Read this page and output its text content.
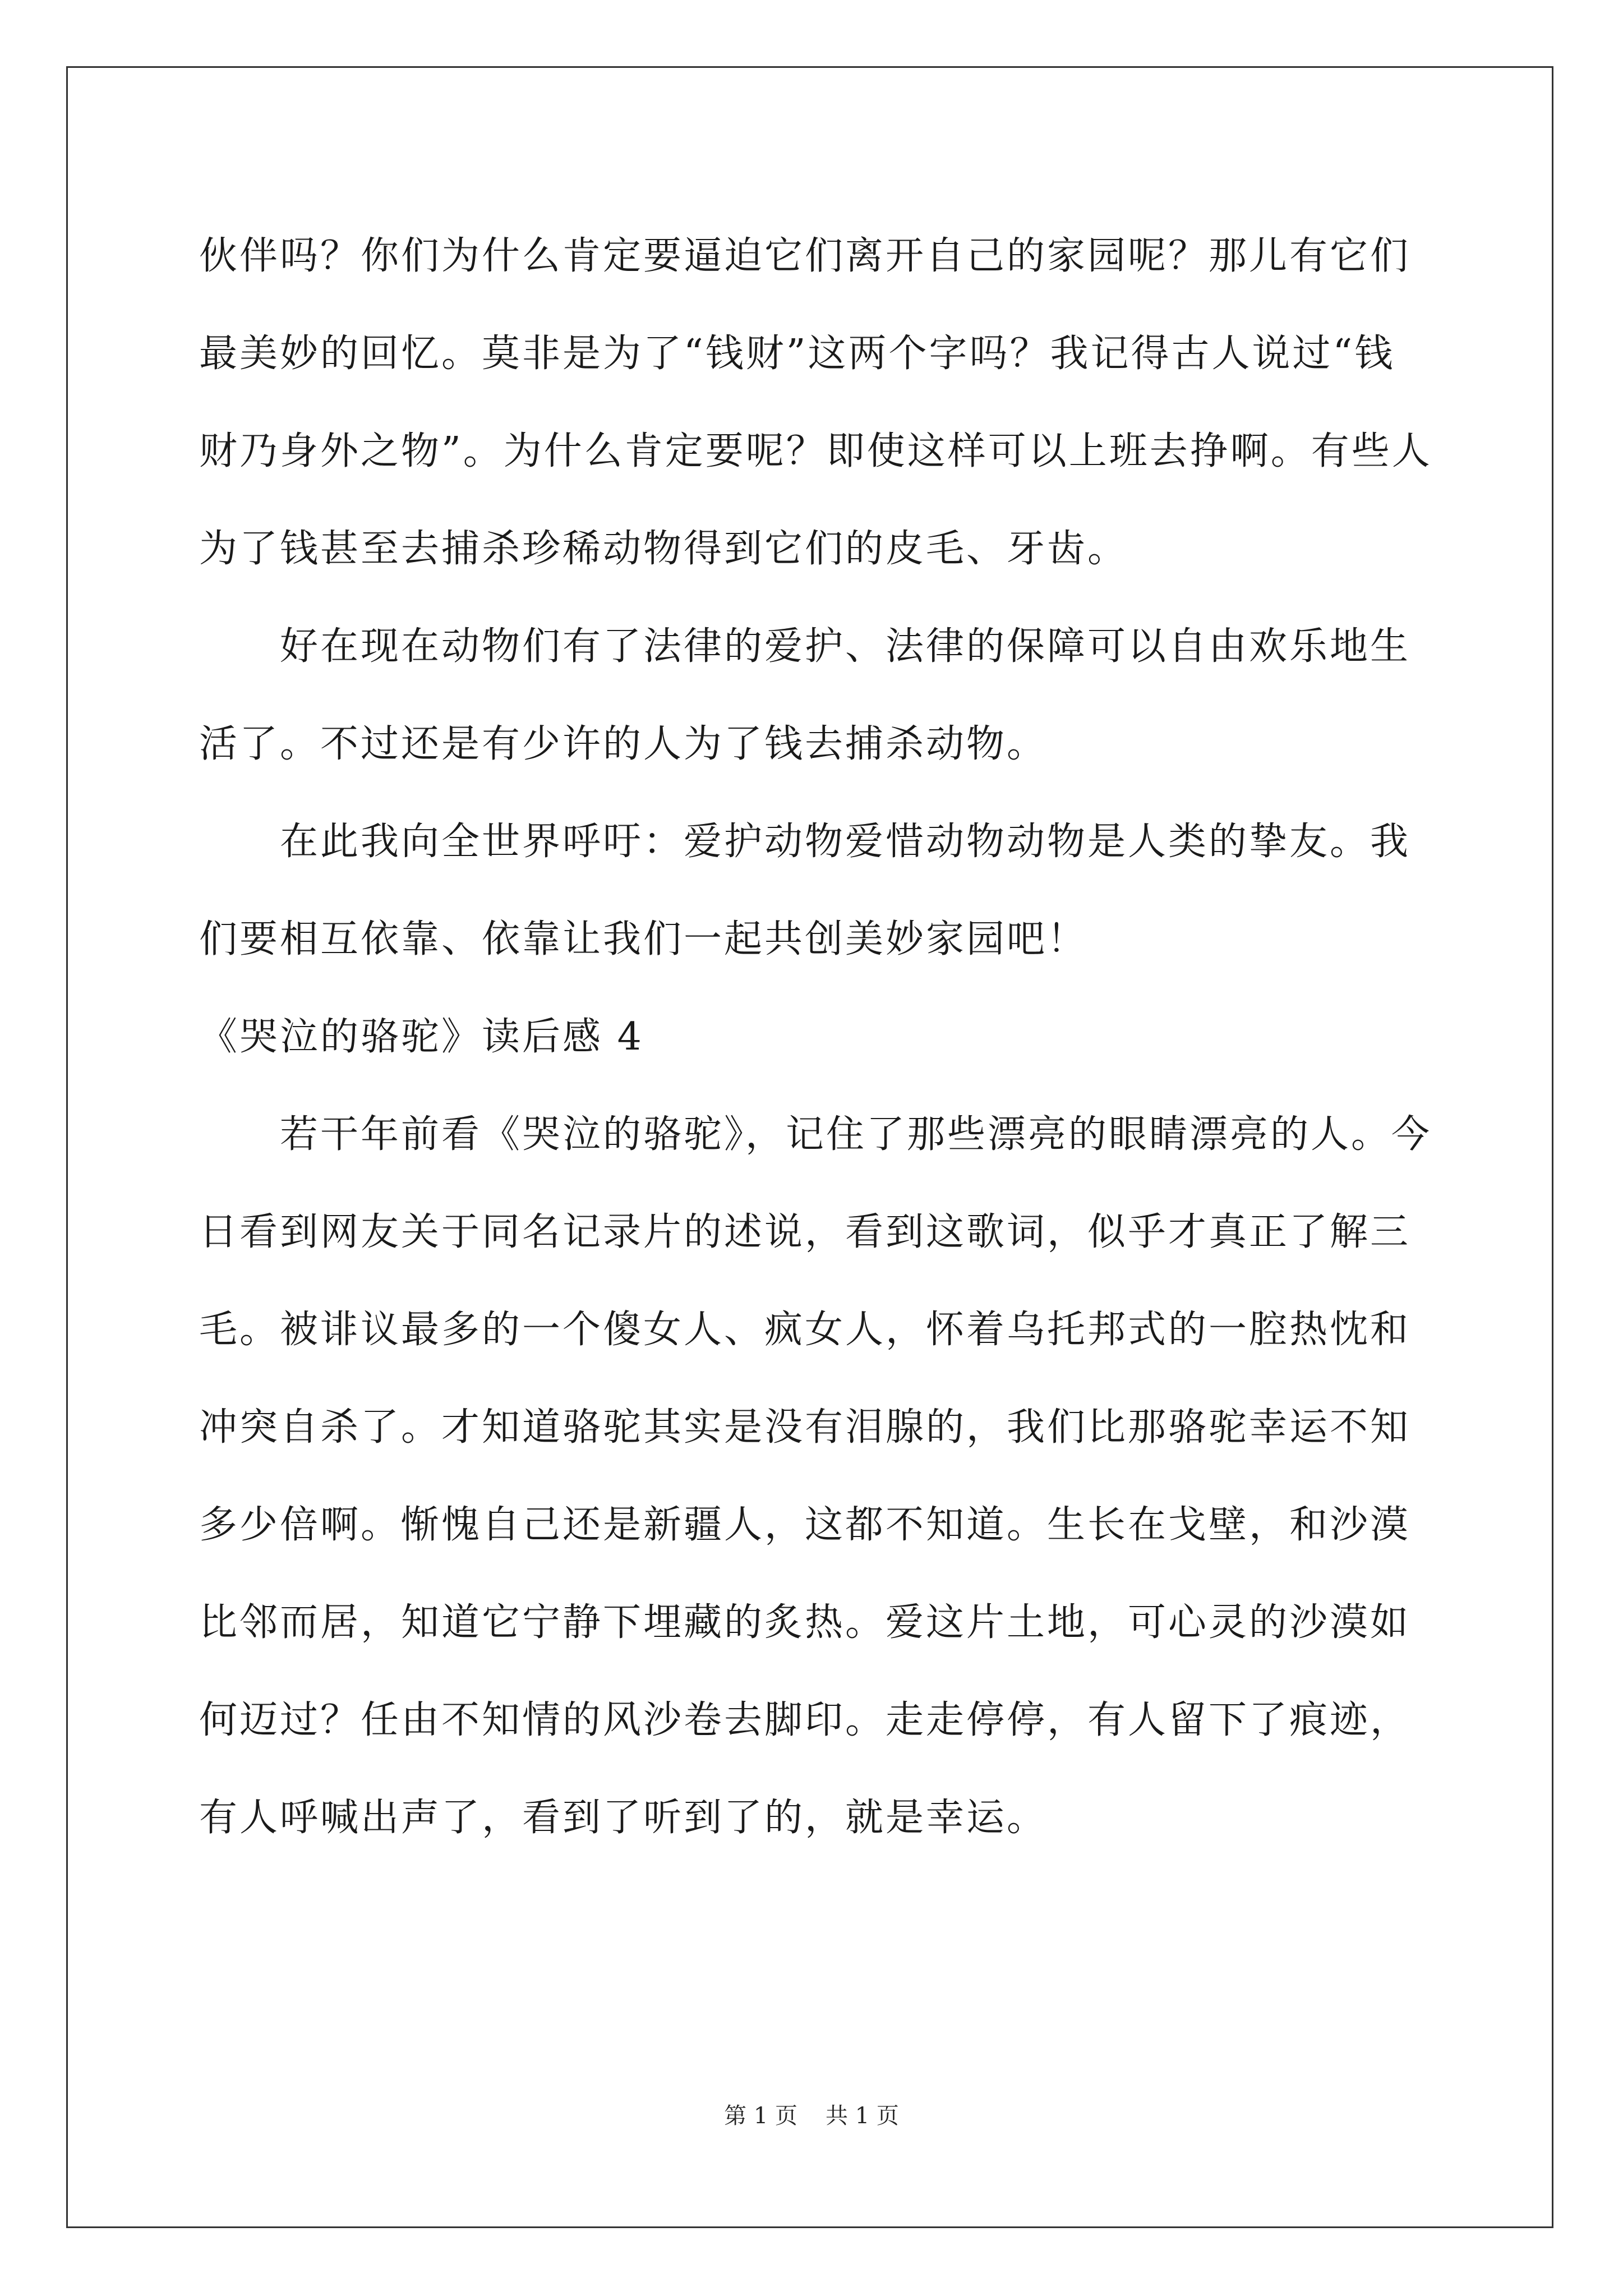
伙伴吗？你们为什么肯定要逼迫它们离开自己的家园呢？那儿有它们
最美妙的回忆。莫非是为了“钱财”这两个字吗？我记得古人说过“钱
财乃身外之物”。为什么肯定要呢？即使这样可以上班去挣啊。有些人
为了钱甚至去捕杀珍稀动物得到它们的皮毛、牙齿。
　　好在现在动物们有了法律的爱护、法律的保障可以自由欢乐地生
活了。不过还是有少许的人为了钱去捕杀动物。
　　在此我向全世界呼吁：爱护动物爱惜动物动物是人类的挚友。我
们要相互依靠、依靠让我们一起共创美妙家园吧！
《哭泣的骆驼》读后感 4
　　若干年前看《哭泣的骆驼》，记住了那些漂亮的眼睛漂亮的人。今
日看到网友关于同名记录片的述说，看到这歌词，似乎才真正了解三
毛。被诽议最多的一个傻女人、疯女人，怀着乌托邦式的一腔热忱和
冲突自杀了。才知道骆驼其实是没有泪腺的，我们比那骆驼幸运不知
多少倍啊。惭愧自己还是新疆人，这都不知道。生长在戈壁，和沙漠
比邻而居，知道它宁静下埋藏的炙热。爱这片土地，可心灵的沙漠如
何迈过？任由不知情的风沙卷去脚印。走走停停，有人留下了痕迹，
有人呼喊出声了，看到了听到了的，就是幸运。
第 1 页 共 1 页
